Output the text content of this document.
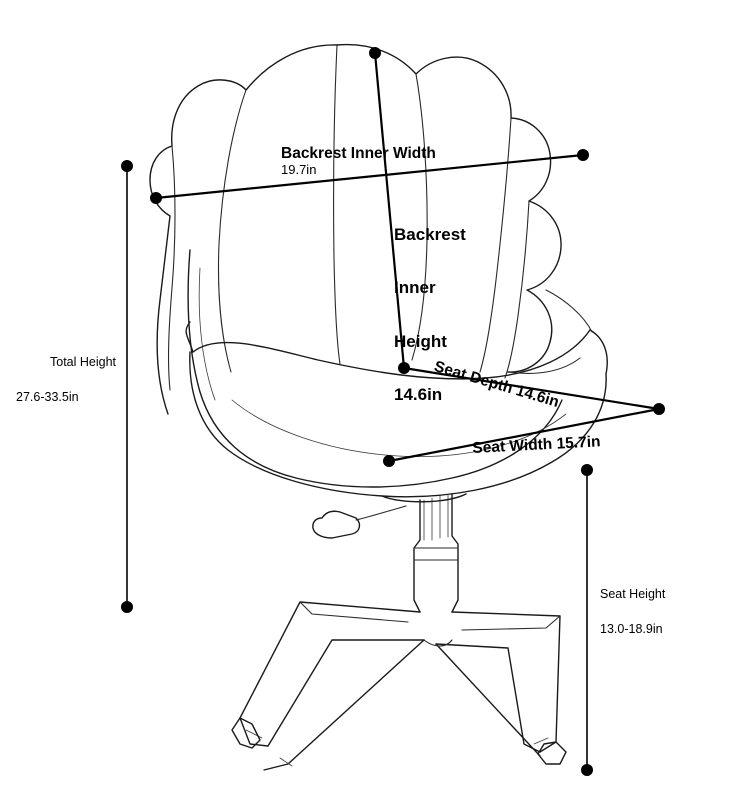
Backrest Inner Width
19.7in

Backrest

Inner

Height

14.6in

Seat Depth 14.6in
Seat Width 15.7in
Total Height
27.6-33.5in
Seat Height
13.0-18.9in
